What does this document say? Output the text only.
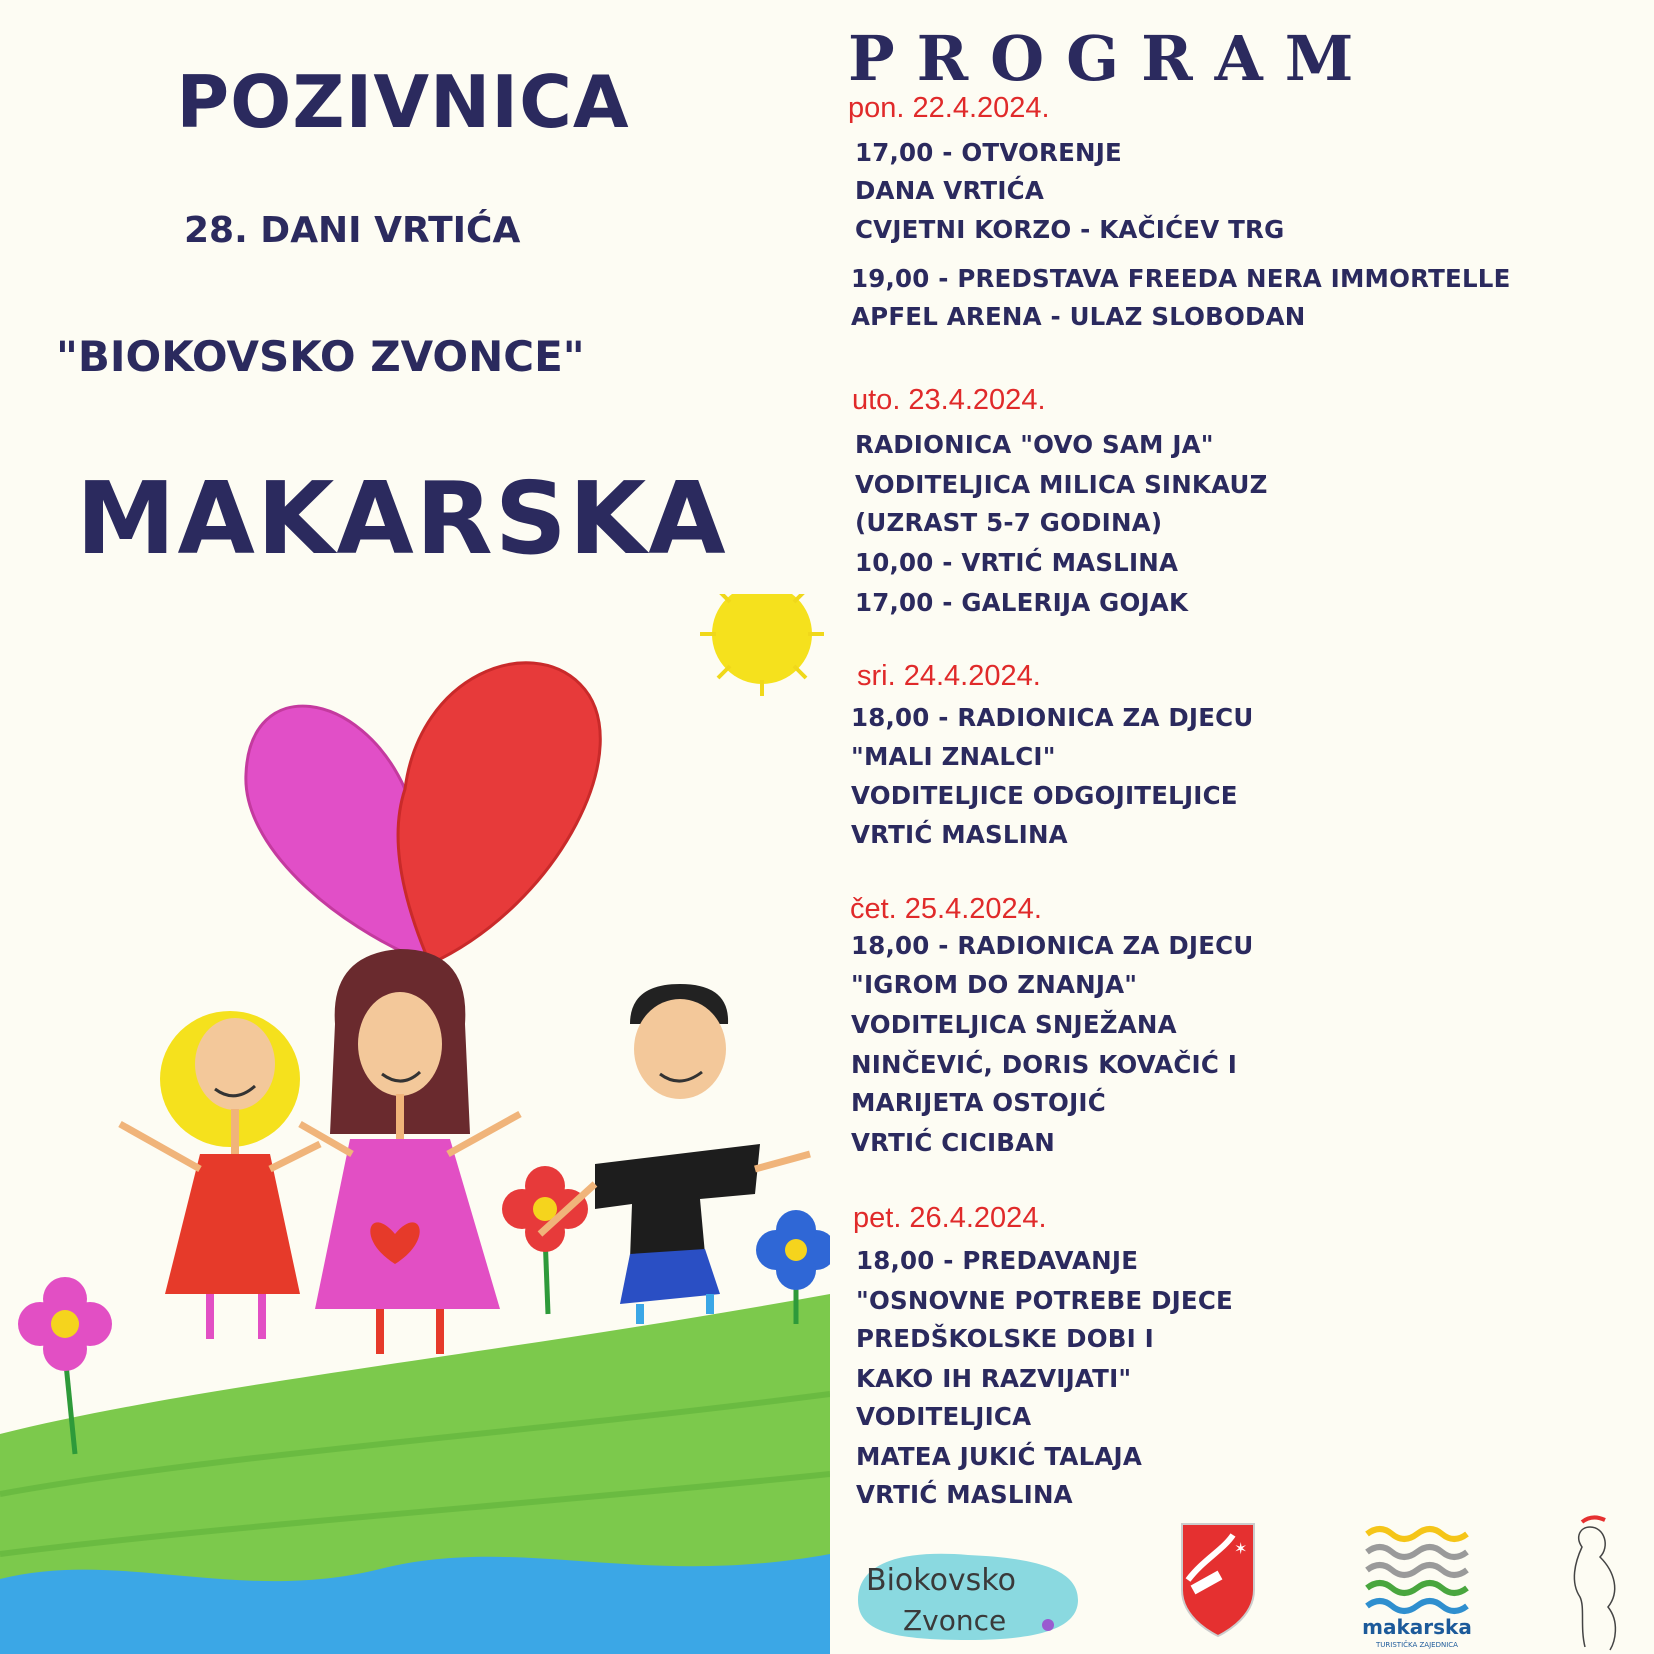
POZIVNICA
28. DANI VRTIĆA
"BIOKOVSKO ZVONCE"
MAKARSKA
PROGRAM
pon. 22.4.2024.
17,00 - OTVORENJE
DANA VRTIĆA
CVJETNI KORZO - KAČIĆEV TRG
19,00 - PREDSTAVA FREEDA NERA IMMORTELLE
APFEL ARENA - ULAZ SLOBODAN
uto. 23.4.2024.
RADIONICA "OVO SAM JA"
VODITELJICA MILICA SINKAUZ
(UZRAST 5-7 GODINA)
10,00 - VRTIĆ MASLINA
17,00 - GALERIJA GOJAK
sri. 24.4.2024.
18,00 - RADIONICA ZA DJECU
"MALI ZNALCI"
VODITELJICE ODGOJITELJICE
VRTIĆ MASLINA
čet. 25.4.2024.
18,00 - RADIONICA ZA DJECU
"IGROM DO ZNANJA"
VODITELJICA SNJEŽANA
NINČEVIĆ, DORIS KOVAČIĆ I
MARIJETA OSTOJIĆ
VRTIĆ CICIBAN
pet. 26.4.2024.
18,00 - PREDAVANJE
"OSNOVNE POTREBE DJECE
PREDŠKOLSKE DOBI I
KAKO IH RAZVIJATI"
VODITELJICA
MATEA JUKIĆ TALAJA
VRTIĆ MASLINA
Biokovsko
Zvonce
✶
makarska
TURISTIČKA ZAJEDNICA
